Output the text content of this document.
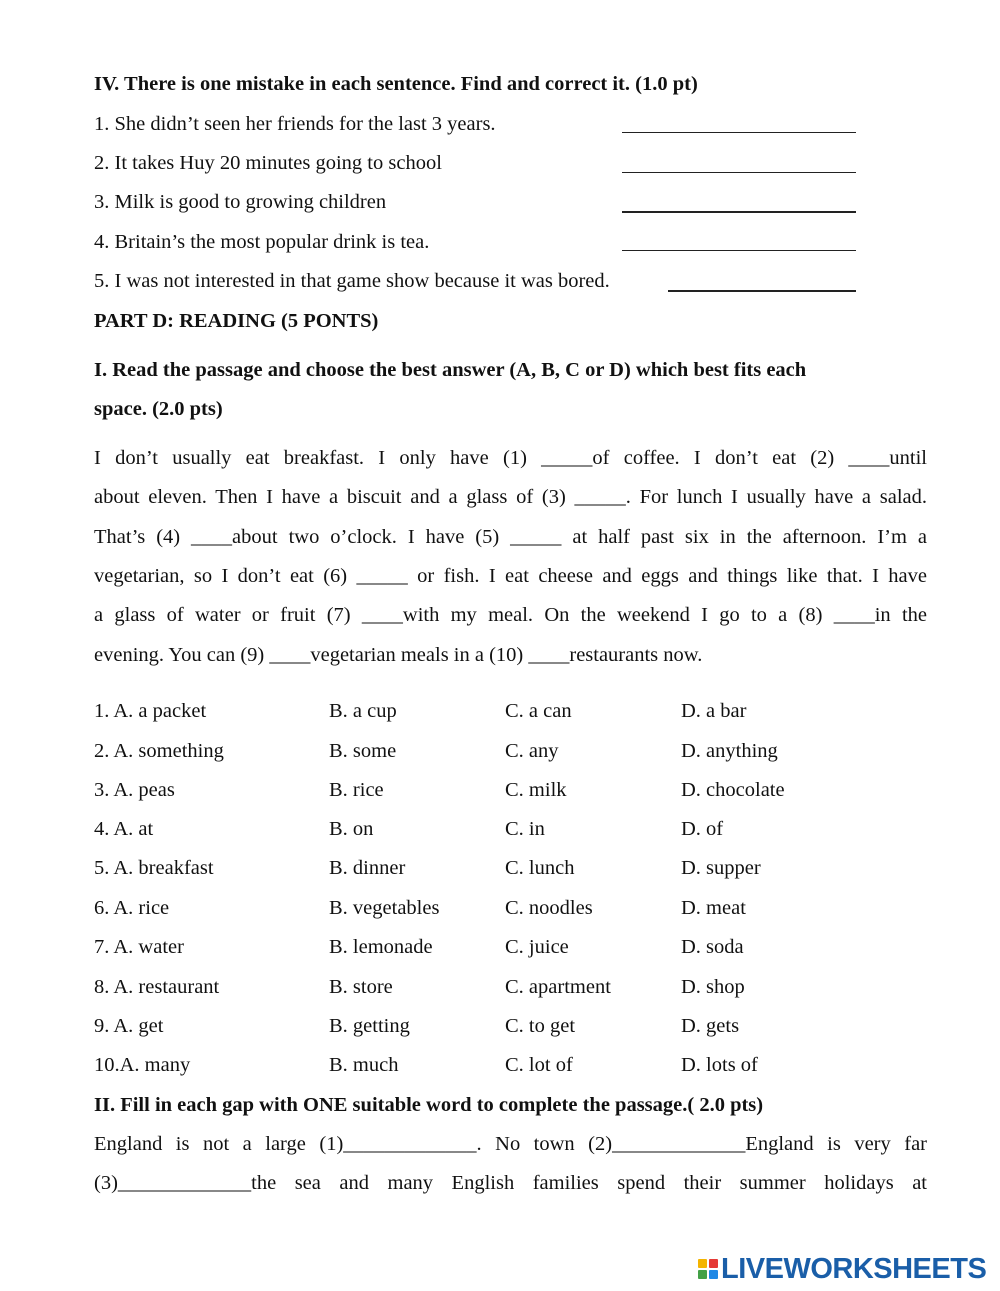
IV. There is one mistake in each sentence. Find and correct it. (1.0 pt)
1. She didn’t seen her friends for the last 3 years.
2. It takes Huy 20 minutes going to school
3. Milk is good to growing children
4. Britain’s the most popular drink is tea.
5. I was not interested in that game show because it was bored.
PART D: READING (5 PONTS)
I. Read the passage and choose the best answer (A, B, C or D) which best fits each
space. (2.0 pts)
I don’t usually eat breakfast. I only have (1) _____of coffee. I don’t eat (2) ____until
about eleven. Then I have a biscuit and a glass of (3) _____. For lunch I usually have a salad.
That’s (4) ____about two o’clock. I have (5) _____ at half past six in the afternoon. I’m a
vegetarian, so I don’t eat (6) _____ or fish. I eat cheese and eggs and things like that. I have
a glass of water or fruit (7) ____with my meal. On the weekend I go to a (8) ____in the
evening. You can (9) ____vegetarian meals in a (10) ____restaurants now.
1. A. a packet	B. a cup	C. a can	D. a bar
2. A. something	B. some	C. any	D. anything
3. A. peas	B. rice	C. milk	D. chocolate
4. A. at	B. on	C. in	D. of
5. A. breakfast	B. dinner	C. lunch	D. supper
6. A. rice	B. vegetables	C. noodles	D. meat
7. A. water	B. lemonade	C. juice	D. soda
8. A. restaurant	B. store	C. apartment	D. shop
9. A. get	B. getting	C. to get	D. gets
10.A. many	B. much	C. lot of	D. lots of
II. Fill in each gap with ONE suitable word to complete the passage.( 2.0 pts)
England is not a large (1)_____________. No town (2)_____________England is very far
(3)_____________the sea and many English families spend their summer holidays at
LIVEWORKSHEETS
